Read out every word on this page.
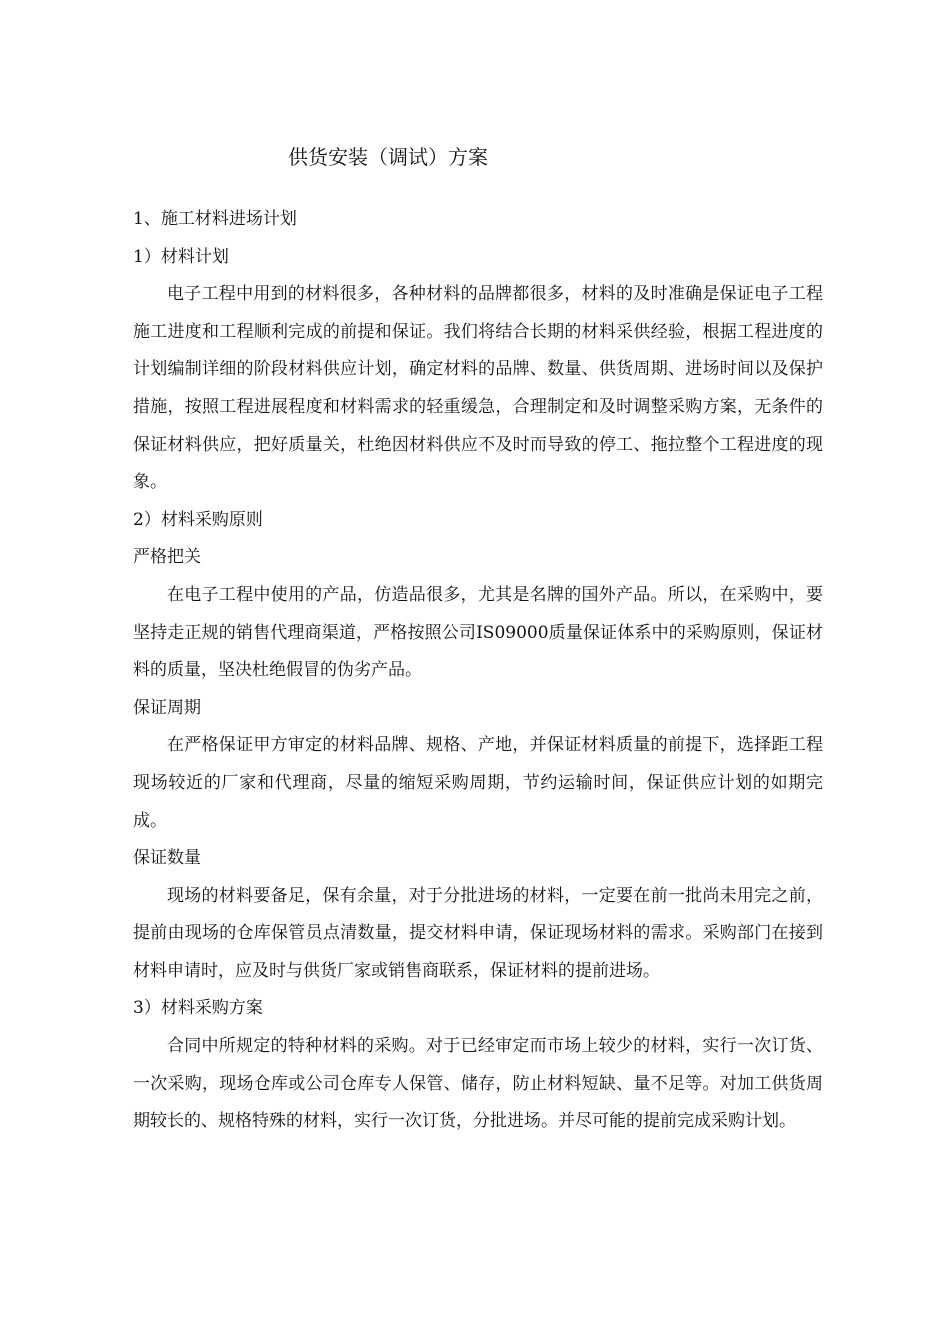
供货安装（调试）方案

1、施工材料进场计划

1）材料计划

电子工程中用到的材料很多，各种材料的品牌都很多，材料的及时准确是保证电子工程施工进度和工程顺利完成的前提和保证。我们将结合长期的材料采供经验，根据工程进度的计划编制详细的阶段材料供应计划，确定材料的品牌、数量、供货周期、进场时间以及保护措施，按照工程进展程度和材料需求的轻重缓急，合理制定和及时调整采购方案，无条件的保证材料供应，把好质量关，杜绝因材料供应不及时而导致的停工、拖拉整个工程进度的现象。

2）材料采购原则

严格把关

在电子工程中使用的产品，仿造品很多，尤其是名牌的国外产品。所以，在采购中，要坚持走正规的销售代理商渠道，严格按照公司IS09000质量保证体系中的采购原则，保证材料的质量，坚决杜绝假冒的伪劣产品。

保证周期

在严格保证甲方审定的材料品牌、规格、产地，并保证材料质量的前提下，选择距工程现场较近的厂家和代理商，尽量的缩短采购周期，节约运输时间，保证供应计划的如期完成。

保证数量

现场的材料要备足，保有余量，对于分批进场的材料，一定要在前一批尚未用完之前，提前由现场的仓库保管员点清数量，提交材料申请，保证现场材料的需求。采购部门在接到材料申请时，应及时与供货厂家或销售商联系，保证材料的提前进场。

3）材料采购方案

合同中所规定的特种材料的采购。对于已经审定而市场上较少的材料，实行一次订货、一次采购，现场仓库或公司仓库专人保管、储存，防止材料短缺、量不足等。对加工供货周期较长的、规格特殊的材料，实行一次订货，分批进场。并尽可能的提前完成采购计划。
